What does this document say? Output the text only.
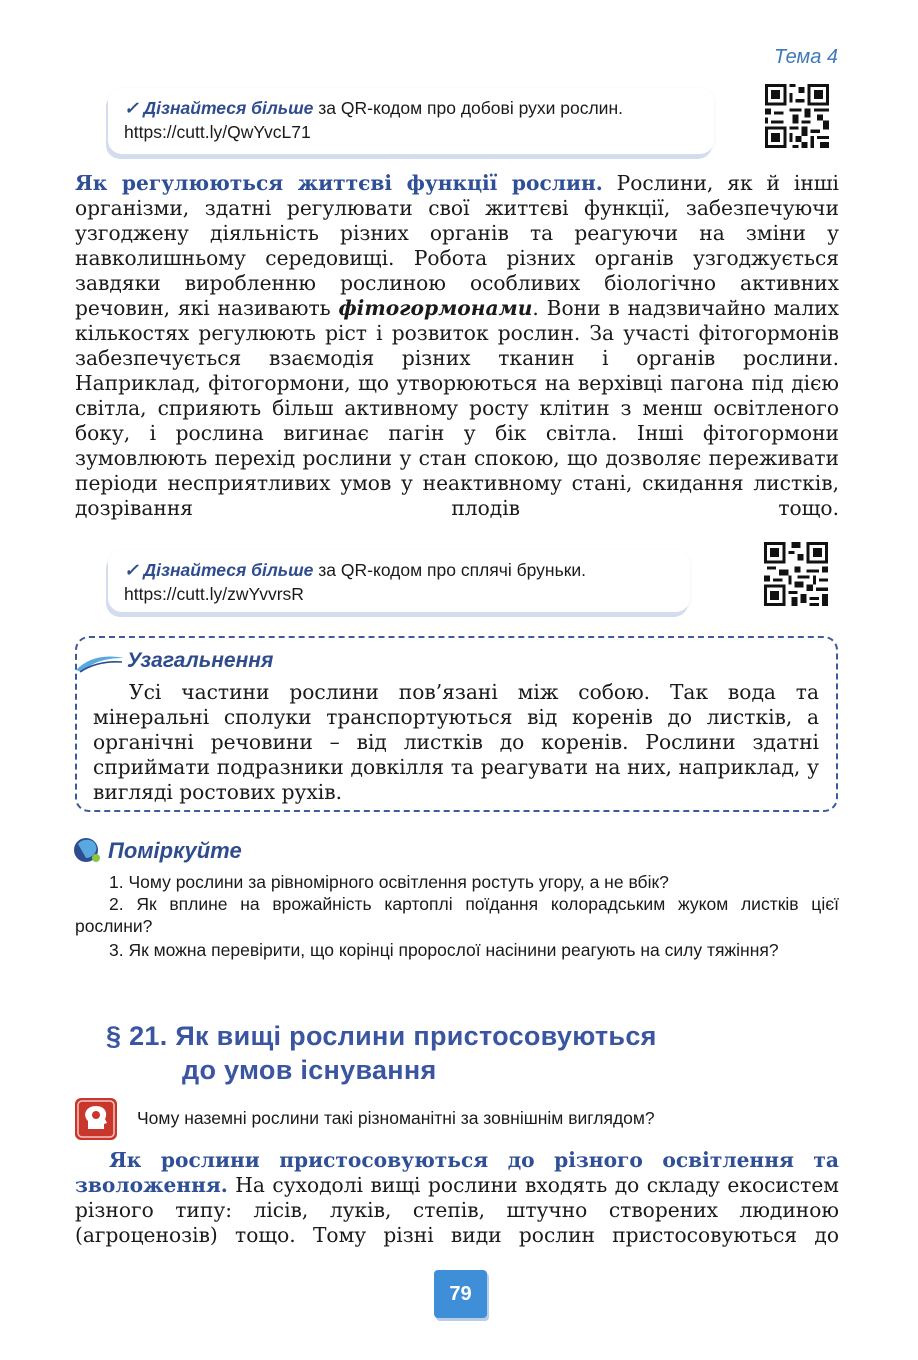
Тема 4
✓ Дізнайтеся більше за QR-кодом про добові рухи рослин.
https://cutt.ly/QwYvcL71
Як регулюються життєві функції рослин. Рослини, як й інші організми, здатні регулювати свої життєві функції, забезпечуючи узгоджену діяльність різних органів та реагуючи на зміни у навколишньому середовищі. Робота різних органів узгоджується завдяки виробленню рослиною особливих біологічно активних речовин, які називають фітогормонами. Вони в надзвичайно малих кількостях регулюють ріст і розвиток рослин. За участі фітогормонів забезпечується взаємодія різних тканин і органів рослини. Наприклад, фітогормони, що утворюються на верхівці пагона під дією світла, сприяють більш активному росту клітин з менш освітленого боку, і рослина вигинає пагін у бік світла. Інші фітогормони зумовлюють перехід рослини у стан спокою, що дозволяє переживати періоди несприятливих умов у неактивному стані, скидання листків, дозрівання плодів тощо.
✓ Дізнайтеся більше за QR-кодом про сплячі бруньки.
https://cutt.ly/zwYvvrsR
Узагальнення
Усі частини рослини пов’язані між собою. Так вода та мінеральні сполуки транспортуються від коренів до листків, а органічні речовини – від листків до коренів. Рослини здатні сприймати подразники довкілля та реагувати на них, наприклад, у вигляді ростових рухів.
Поміркуйте
1. Чому рослини за рівномірного освітлення ростуть угору, а не вбік?
2. Як вплине на врожайність картоплі поїдання колорадським жуком листків цієї рослини?
3. Як можна перевірити, що корінці пророслої насінини реагують на силу тяжіння?
§ 21. Як вищі рослини пристосовуються
до умов існування
Чому наземні рослини такі різноманітні за зовнішнім виглядом?
Як рослини пристосовуються до різного освітлення та зволоження. На суходолі вищі рослини входять до складу екосистем різного типу: лісів, луків, степів, штучно створених людиною (агроценозів) тощо. Тому різні види рослин пристосовуються до
79
